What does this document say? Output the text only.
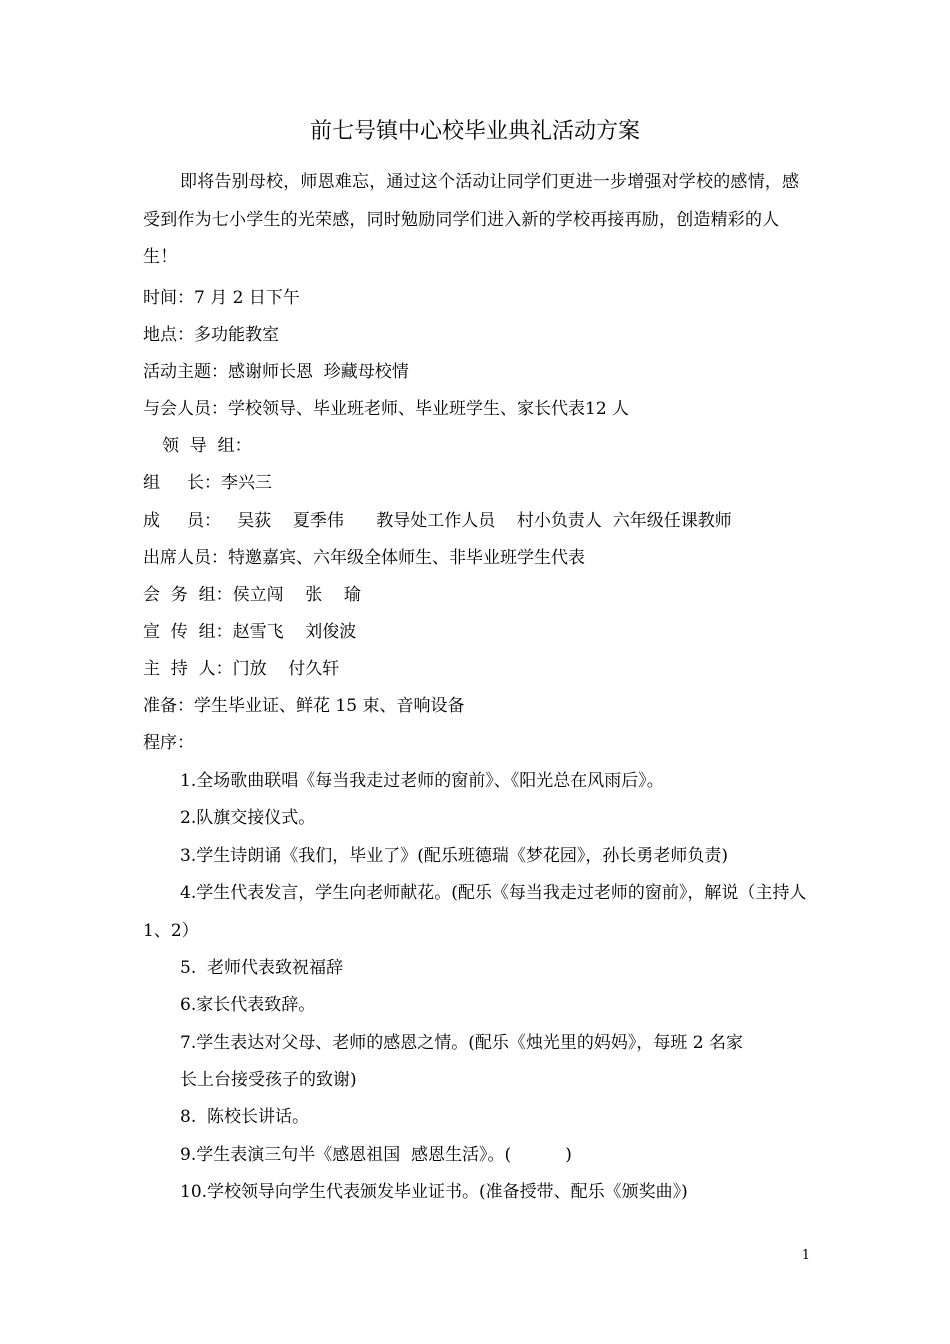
前七号镇中心校毕业典礼活动方案
即将告别母校，师恩难忘，通过这个活动让同学们更进一步增强对学校的感情，感受到作为七小学生的光荣感，同时勉励同学们进入新的学校再接再励，创造精彩的人生！
时间：7 月 2 日下午
地点：多功能教室
活动主题：感谢师长恩  珍藏母校情
与会人员：学校领导、毕业班老师、毕业班学生、家长代表12 人
领  导  组：
组     长：李兴三
成     员：   吴荻    夏季伟      教导处工作人员    村小负责人  六年级任课教师
出席人员：特邀嘉宾、六年级全体师生、非毕业班学生代表
会  务  组：侯立闯    张    瑜
宣  传  组：赵雪飞    刘俊波
主  持  人：门放    付久轩
准备：学生毕业证、鲜花 15 束、音响设备
程序：
1.全场歌曲联唱《每当我走过老师的窗前》、《阳光总在风雨后》。
2.队旗交接仪式。
3.学生诗朗诵《我们，毕业了》(配乐班德瑞《梦花园》，孙长勇老师负责)
4.学生代表发言，学生向老师献花。(配乐《每当我走过老师的窗前》，解说（主持人 1、2）
5.  老师代表致祝福辞
6.家长代表致辞。
7.学生表达对父母、老师的感恩之情。(配乐《烛光里的妈妈》，每班 2 名家
长上台接受孩子的致谢)
8.  陈校长讲话。
9.学生表演三句半《感恩祖国  感恩生活》。(          )
10.学校领导向学生代表颁发毕业证书。(准备授带、配乐《颁奖曲》)
1
